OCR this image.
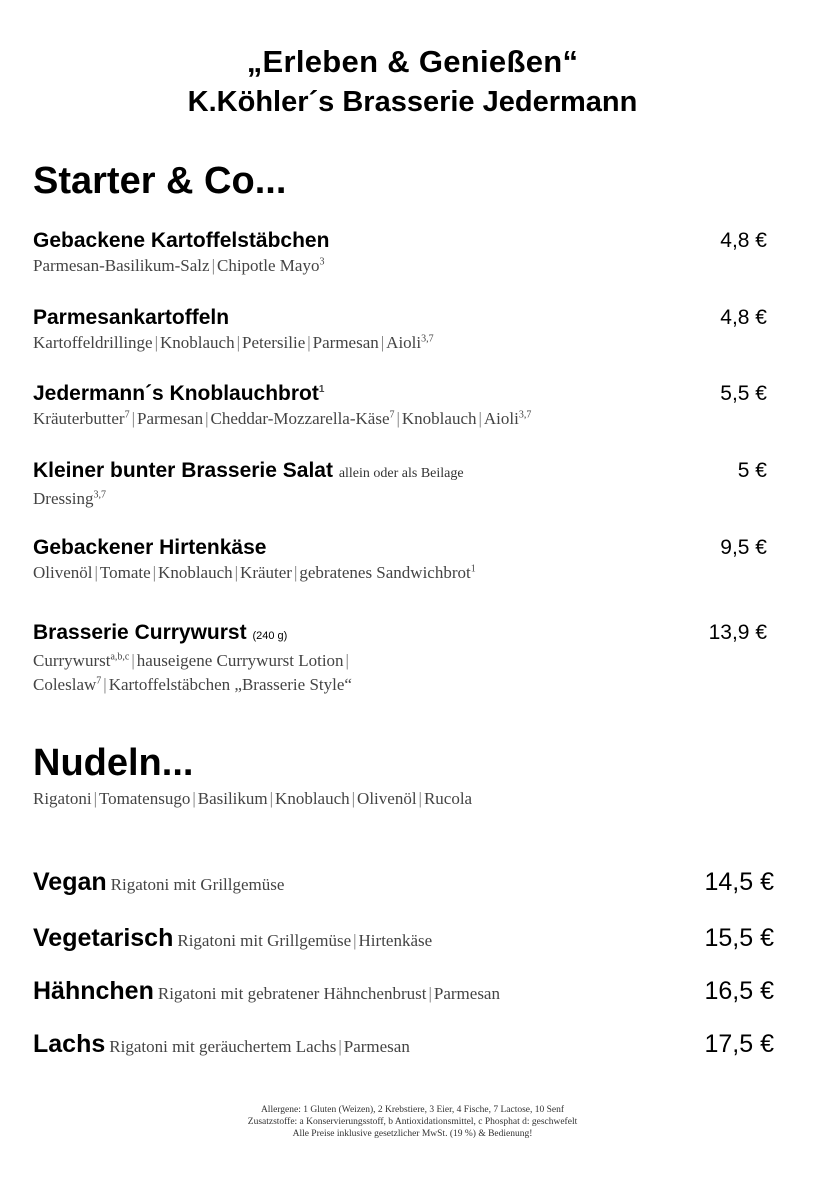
„Erleben & Genießen“
K.Köhler´s Brasserie Jedermann
Starter & Co...
Gebackene Kartoffelstäbchen	4,8 €
Parmesan-Basilikum-Salz | Chipotle Mayo$^3$
Parmesankartoffeln	4,8 €
Kartoffeldrillinge | Knoblauch | Petersilie | Parmesan | Aioli$^{3,7}$
Jedermann´s Knoblauchbrot$^1$	5,5 €
Kräuterbutter$^7$ | Parmesan | Cheddar-Mozzarella-Käse$^7$ | Knoblauch | Aioli$^{3,7}$
Kleiner bunter Brasserie Salat allein oder als Beilage	5 €
Dressing$^{3,7}$
Gebackener Hirtenkäse	9,5 €
Olivenöl | Tomate | Knoblauch | Kräuter | gebratenes Sandwichbrot$^1$
Brasserie Currywurst (240 g)	13,9 €
Currywurst$^{a,b,c}$ | hauseigene Currywurst Lotion |
Coleslaw$^7$ | Kartoffelstäbchen „Brasserie Style“
Nudeln...
Rigatoni | Tomatensugo | Basilikum | Knoblauch | Olivenöl | Rucola
Vegan Rigatoni mit Grillgemüse	14,5 €
Vegetarisch Rigatoni mit Grillgemüse | Hirtenkäse	15,5 €
Hähnchen Rigatoni mit gebratener Hähnchenbrust | Parmesan	16,5 €
Lachs Rigatoni mit geräuchertem Lachs | Parmesan	17,5 €
Allergene: 1 Gluten (Weizen), 2 Krebstiere, 3 Eier, 4 Fische, 7 Lactose, 10 Senf
Zusatzstoffe: a Konservierungsstoff, b Antioxidationsmittel, c Phosphat d: geschwefelt
Alle Preise inklusive gesetzlicher MwSt. (19 %) & Bedienung!
